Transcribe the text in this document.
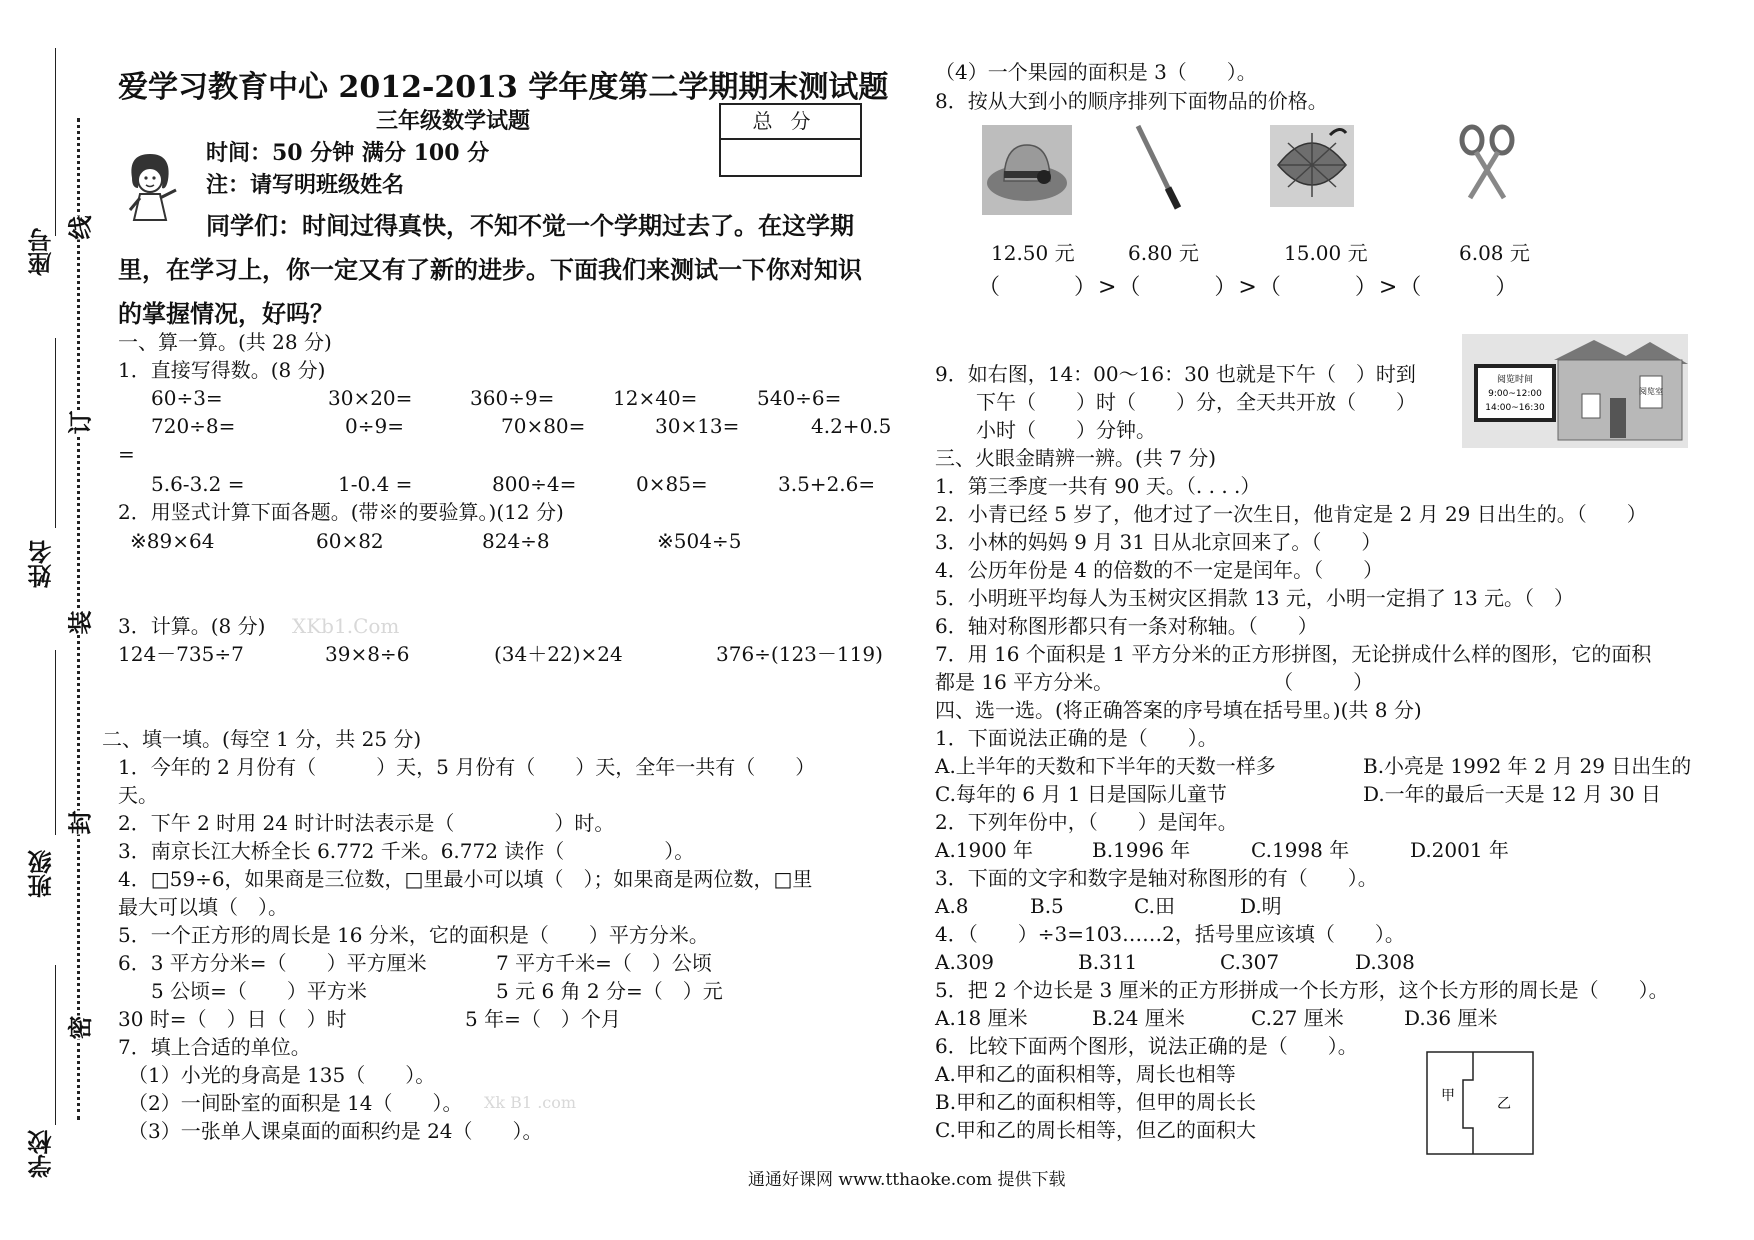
座号
姓名
班级
学校
线
订
装
封
密
爱学习教育中心 2012-2013 学年度第二学期期末测试题
三年级数学试题	总分
时间：50 分钟 满分 100 分
注：请写明班级姓名
同学们：时间过得真快，不知不觉一个学期过去了。在这学期
里，在学习上，你一定又有了新的进步。下面我们来测试一下你对知识
的掌握情况，好吗？
一、算一算。(共 28 分)
1．直接写得数。(8 分)
60÷3=	30×20=	360÷9=	12×40=	540÷6=
720÷8=	0÷9=	70×80=	30×13=	4.2+0.5
=
5.6-3.2 =	1-0.4 =	800÷4=	0×85=	3.5+2.6=
2．用竖式计算下面各题。(带※的要验算。)(12 分)
※89×64	60×82	824÷8	※504÷5
3．计算。(8 分) XKb1.Com
124－735÷7	39×8÷6	(34＋22)×24	376÷(123－119)
二、填一填。(每空 1 分，共 25 分)
1．今年的 2 月份有（　　　）天，5 月份有（　　）天，全年一共有（　　）
天。
2．下午 2 时用 24 时计时法表示是（　　　　　）时。
3．南京长江大桥全长 6.772 千米。6.772 读作（　　　　　）。
4．□59÷6，如果商是三位数，□里最小可以填（　）；如果商是两位数，□里
最大可以填（　）。
5．一个正方形的周长是 16 分米，它的面积是（　　）平方分米。
6．3 平方分米=（　　）平方厘米	7 平方千米=（　）公顷
5 公顷=（　　）平方米	5 元 6 角 2 分=（　）元
30 时=（　）日（　）时	5 年=（　）个月
7．填上合适的单位。
（1）小光的身高是 135（　　）。
（2）一间卧室的面积是 14（　　）。 Xk B1 .com
（3）一张单人课桌面的面积约是 24（　　）。
（4）一个果园的面积是 3（　　）。
8．按从大到小的顺序排列下面物品的价格。
12.50 元	6.80 元	15.00 元	6.08 元
（　　　）>（　　　）>（　　　）>（　　　）
阅览时间
9:00~12:00
14:00~16:30
阅览室
9．如右图，14：00～16：30 也就是下午（　）时到
下午（　　）时（　　）分，全天共开放（　　）
小时（　　）分钟。
三、火眼金睛辨一辨。(共 7 分)
1．第三季度一共有 90 天。（. . . .）
2．小青已经 5 岁了，他才过了一次生日，他肯定是 2 月 29 日出生的。（　　）
3．小林的妈妈 9 月 31 日从北京回来了。（　　）
4．公历年份是 4 的倍数的不一定是闰年。（　　）
5．小明班平均每人为玉树灾区捐款 13 元，小明一定捐了 13 元。（　）
6．轴对称图形都只有一条对称轴。（　　）
7．用 16 个面积是 1 平方分米的正方形拼图，无论拼成什么样的图形，它的面积
都是 16 平方分米。　　　　　　　　　（　　　）
四、选一选。(将正确答案的序号填在括号里。)(共 8 分)
1．下面说法正确的是（　　）。
A.上半年的天数和下半年的天数一样多	B.小亮是 1992 年 2 月 29 日出生的
C.每年的 6 月 1 日是国际儿童节	D.一年的最后一天是 12 月 30 日
2．下列年份中，（　　）是闰年。
A.1900 年	B.1996 年	C.1998 年	D.2001 年
3．下面的文字和数字是轴对称图形的有（　　）。
A.8	B.5	C.田	D.明
4．（　　）÷3=103……2，括号里应该填（　　）。
A.309	B.311	C.307	D.308
5．把 2 个边长是 3 厘米的正方形拼成一个长方形，这个长方形的周长是（　　）。
A.18 厘米	B.24 厘米	C.27 厘米	D.36 厘米
6．比较下面两个图形，说法正确的是（　　）。
A.甲和乙的面积相等，周长也相等
B.甲和乙的面积相等，但甲的周长长
C.甲和乙的周长相等，但乙的面积大
甲	乙
通通好课网 www.tthaoke.com 提供下载
